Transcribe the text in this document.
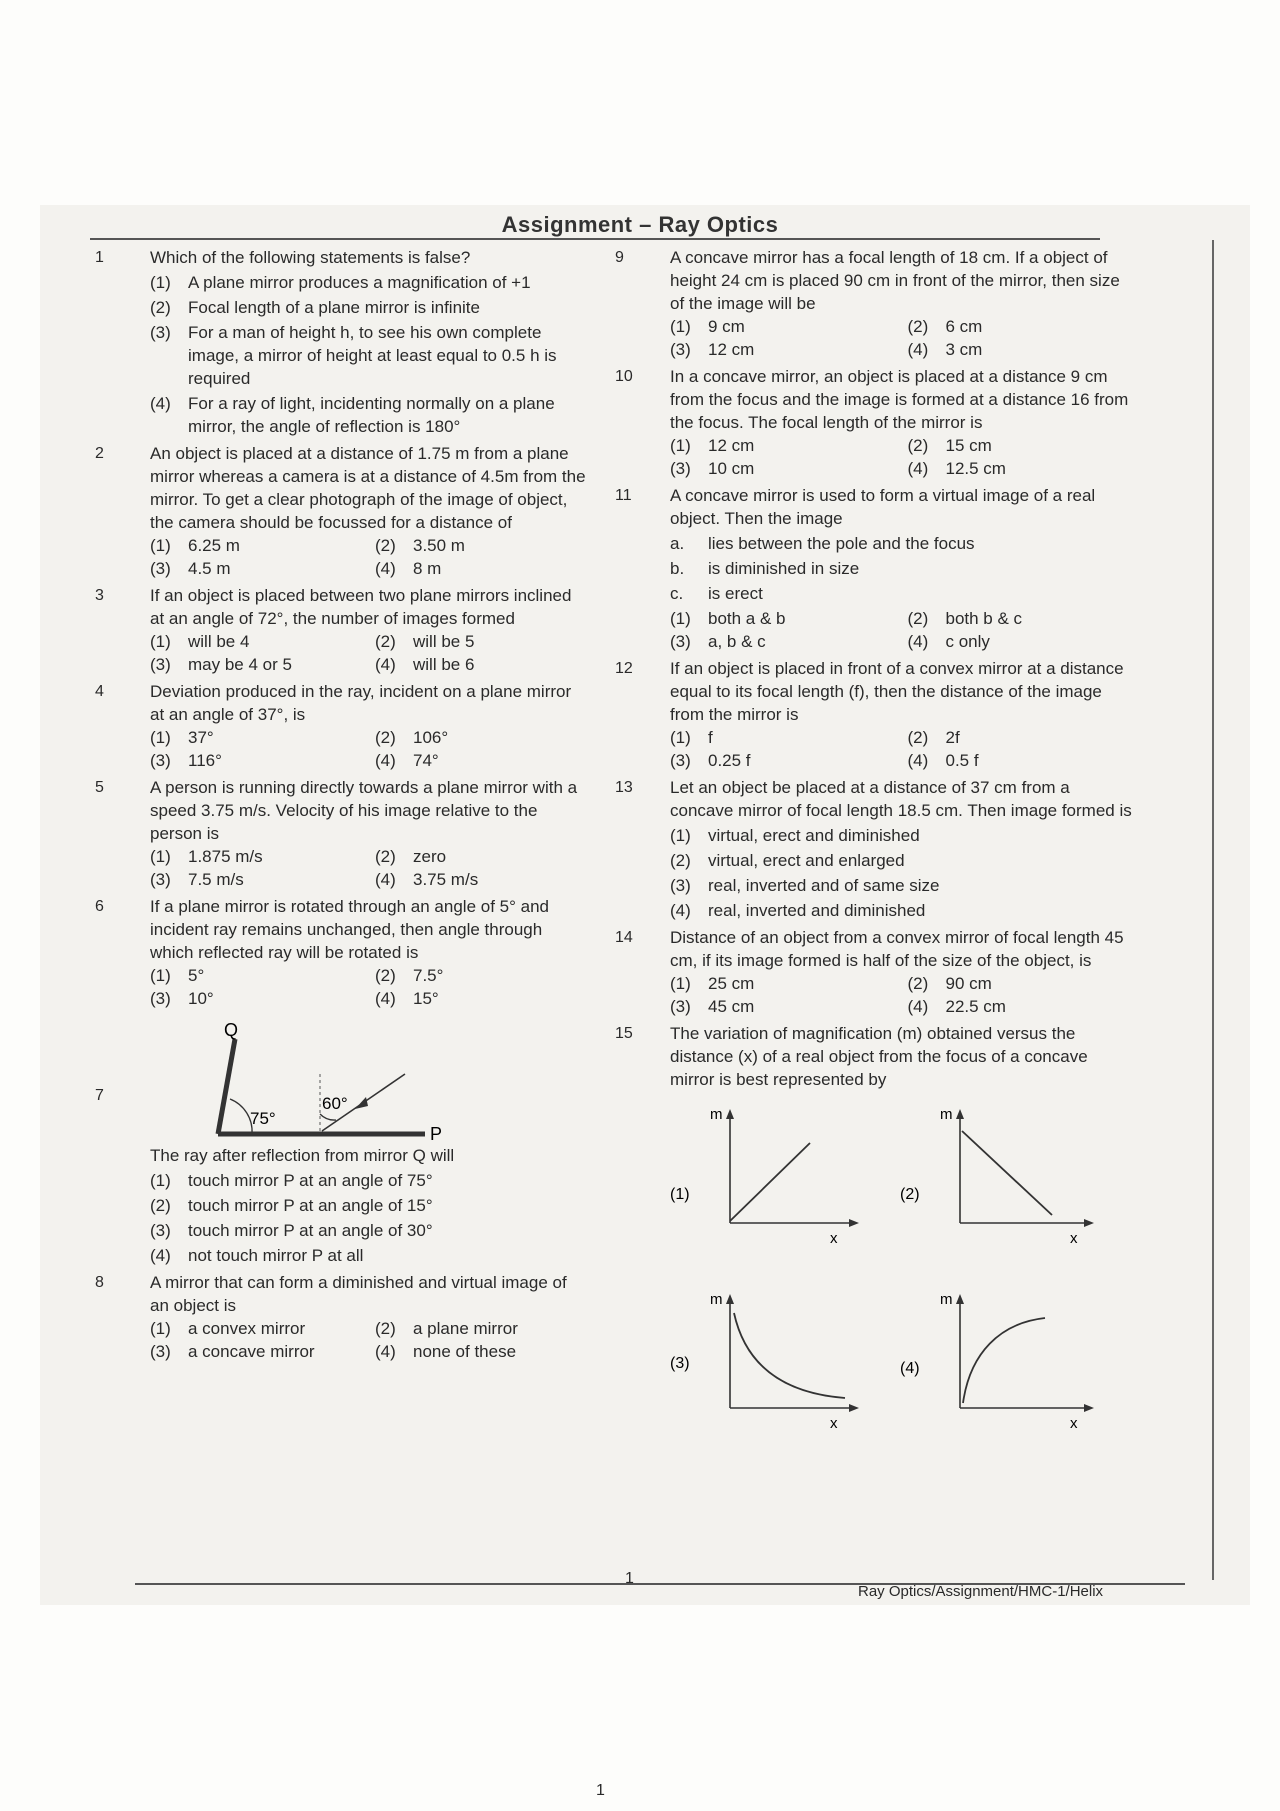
Assignment – Ray Optics
1	Which of the following statements is false?

(1)	A plane mirror produces a magnification of +1
(2)	Focal length of a plane mirror is infinite
(3)	For a man of height h, to see his own complete image, a mirror of height at least equal to 0.5 h is required
(4)	For a ray of light, incidenting normally on a plane mirror, the angle of reflection is 180°
2	An object is placed at a distance of 1.75 m from a plane mirror whereas a camera is at a distance of 4.5m from the mirror. To get a clear photograph of the image of object, the camera should be focussed for a distance of

(1)	6.25 m	(2)	3.50 m
(3)	4.5 m	(4)	8 m
3	If an object is placed between two plane mirrors inclined at an angle of 72°, the number of images formed

(1)	will be 4	(2)	will be 5
(3)	may be 4 or 5	(4)	will be 6
4	Deviation produced in the ray, incident on a plane mirror at an angle of 37°, is

(1)	37°	(2)	106°
(3)	116°	(4)	74°
5	A person is running directly towards a plane mirror with a speed 3.75 m/s. Velocity of his image relative to the person is

(1)	1.875 m/s	(2)	zero
(3)	7.5 m/s	(4)	3.75 m/s
6	If a plane mirror is rotated through an angle of 5° and incident ray remains unchanged, then angle through which reflected ray will be rotated is

(1)	5°	(2)	7.5°
(3)	10°	(4)	15°
7
Q
P
75°
60°

The ray after reflection from mirror Q will

(1)	touch mirror P at an angle of 75°
(2)	touch mirror P at an angle of 15°
(3)	touch mirror P at an angle of 30°
(4)	not touch mirror P at all
8	A mirror that can form a diminished and virtual image of an object is

(1)	a convex mirror	(2)	a plane mirror
(3)	a concave mirror	(4)	none of these
9	A concave mirror has a focal length of 18 cm. If a object of height 24 cm is placed 90 cm in front of the mirror, then size of the image will be

(1)	9 cm	(2)	6 cm
(3)	12 cm	(4)	3 cm
10	In a concave mirror, an object is placed at a distance 9 cm from the focus and the image is formed at a distance 16 from the focus. The focal length of the mirror is

(1)	12 cm	(2)	15 cm
(3)	10 cm	(4)	12.5 cm
11	A concave mirror is used to form a virtual image of a real object. Then the image

a.	lies between the pole and the focus
b.	is diminished in size
c.	is erect
(1)	both a & b	(2)	both b & c
(3)	a, b & c	(4)	c only
12	If an object is placed in front of a convex mirror at a distance equal to its focal length (f), then the distance of the image from the mirror is

(1)	f	(2)	2f
(3)	0.25 f	(4)	0.5 f
13	Let an object be placed at a distance of 37 cm from a concave mirror of focal length 18.5 cm. Then image formed is

(1)	virtual, erect and diminished
(2)	virtual, erect and enlarged
(3)	real, inverted and of same size
(4)	real, inverted and diminished
14	Distance of an object from a convex mirror of focal length 45 cm, if its image formed is half of the size of the object, is

(1)	25 cm	(2)	90 cm
(3)	45 cm	(4)	22.5 cm
15	The variation of magnification (m) obtained versus the distance (x) of a real object from the focus of a concave mirror is best represented by

m
x
(1)
m
x
(2)
m
x
(3)
m
x
(4)
1
Ray Optics/Assignment/HMC-1/Helix
1
